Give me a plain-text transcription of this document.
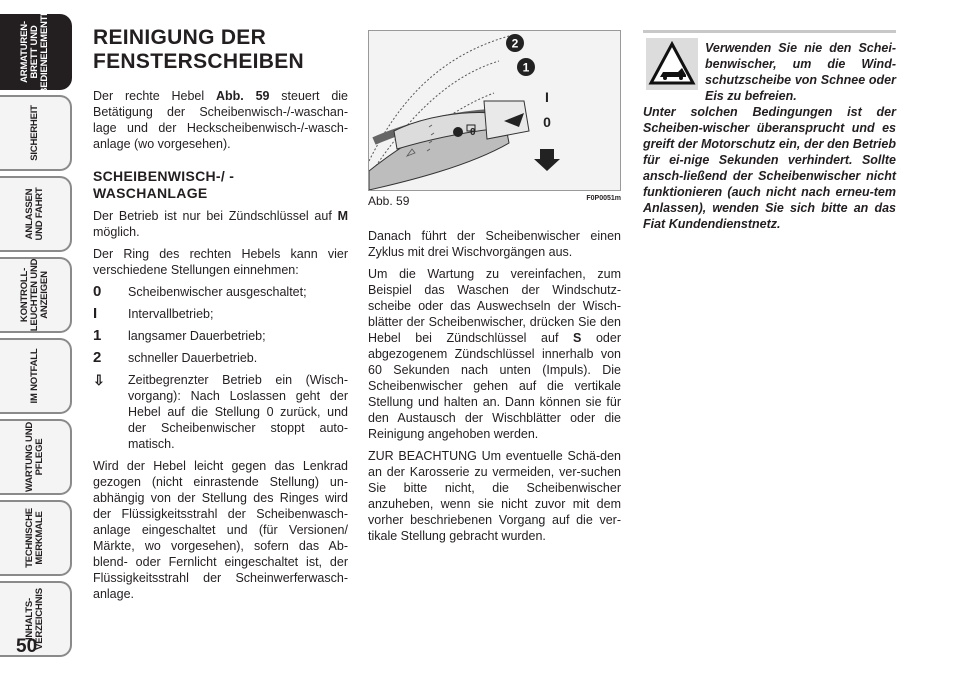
ARMATUREN-
BRETT UND
BEDIENELEMENTE
SICHERHEIT
ANLASSEN
UND FAHRT
KONTROLL-
LEUCHTEN UND
ANZEIGEN
IM NOTFALL
WARTUNG UND
PFLEGE
TECHNISCHE
MERKMALE
INHALTS-
VERZEICHNIS
50
REINIGUNG DER FENSTERSCHEIBEN

Der rechte Hebel Abb. 59 steuert die Betätigung der Scheibenwisch-/-waschan-lage und der Heckscheibenwisch-/-wasch-anlage (wo vorgesehen).

SCHEIBENWISCH-/ -WASCHANLAGE

Der Betrieb ist nur bei Zündschlüssel auf M möglich.

Der Ring des rechten Hebels kann vier verschiedene Stellungen einnehmen:

0	Scheibenwischer ausgeschaltet;
I	Intervallbetrieb;
1	langsamer Dauerbetrieb;
2	schneller Dauerbetrieb.
⇩	Zeitbegrenzter Betrieb ein (Wisch-vorgang): Nach Loslassen geht der Hebel auf die Stellung 0 zurück, und der Scheibenwischer stoppt auto-matisch.

Wird der Hebel leicht gegen das Lenkrad gezogen (nicht einrastende Stellung) un-abhängig von der Stellung des Ringes wird der Flüssigkeitsstrahl der Scheibenwasch-anlage eingeschaltet und (für Versionen/ Märkte, wo vorgesehen), sofern das Ab-blend- oder Fernlicht eingeschaltet ist, der Flüssigkeitsstrahl der Scheinwerferwasch-anlage.

0
2
1
I
0
Abb. 59	F0P0051m

Danach führt der Scheibenwischer einen Zyklus mit drei Wischvorgängen aus.

Um die Wartung zu vereinfachen, zum Beispiel das Waschen der Windschutz-scheibe oder das Auswechseln der Wisch-blätter der Scheibenwischer, drücken Sie den Hebel bei Zündschlüssel auf S oder abgezogenem Zündschlüssel innerhalb von 60 Sekunden nach unten (Impuls). Die Scheibenwischer gehen auf die vertikale Stellung und halten an. Dann können sie für den Austausch der Wischblätter oder die Reinigung angehoben werden.

ZUR BEACHTUNG Um eventuelle Schä-den an der Karosserie zu vermeiden, ver-suchen Sie bitte nicht, die Scheibenwischer anzuheben, wenn sie nicht zuvor mit dem vorher beschriebenen Vorgang auf die ver-tikale Stellung gebracht wurden.

Verwenden Sie nie den Schei-benwischer, um die Wind-schutzscheibe von Schnee oder Eis zu befreien.
Unter solchen Bedingungen ist der Scheiben-wischer überansprucht und es greift der Motorschutz ein, der den Betrieb für ei-nige Sekunden verhindert. Sollte ansch-ließend der Scheibenwischer nicht funktionieren (auch nicht nach erneu-tem Anlassen), wenden Sie sich bitte an das Fiat Kundendienstnetz.
